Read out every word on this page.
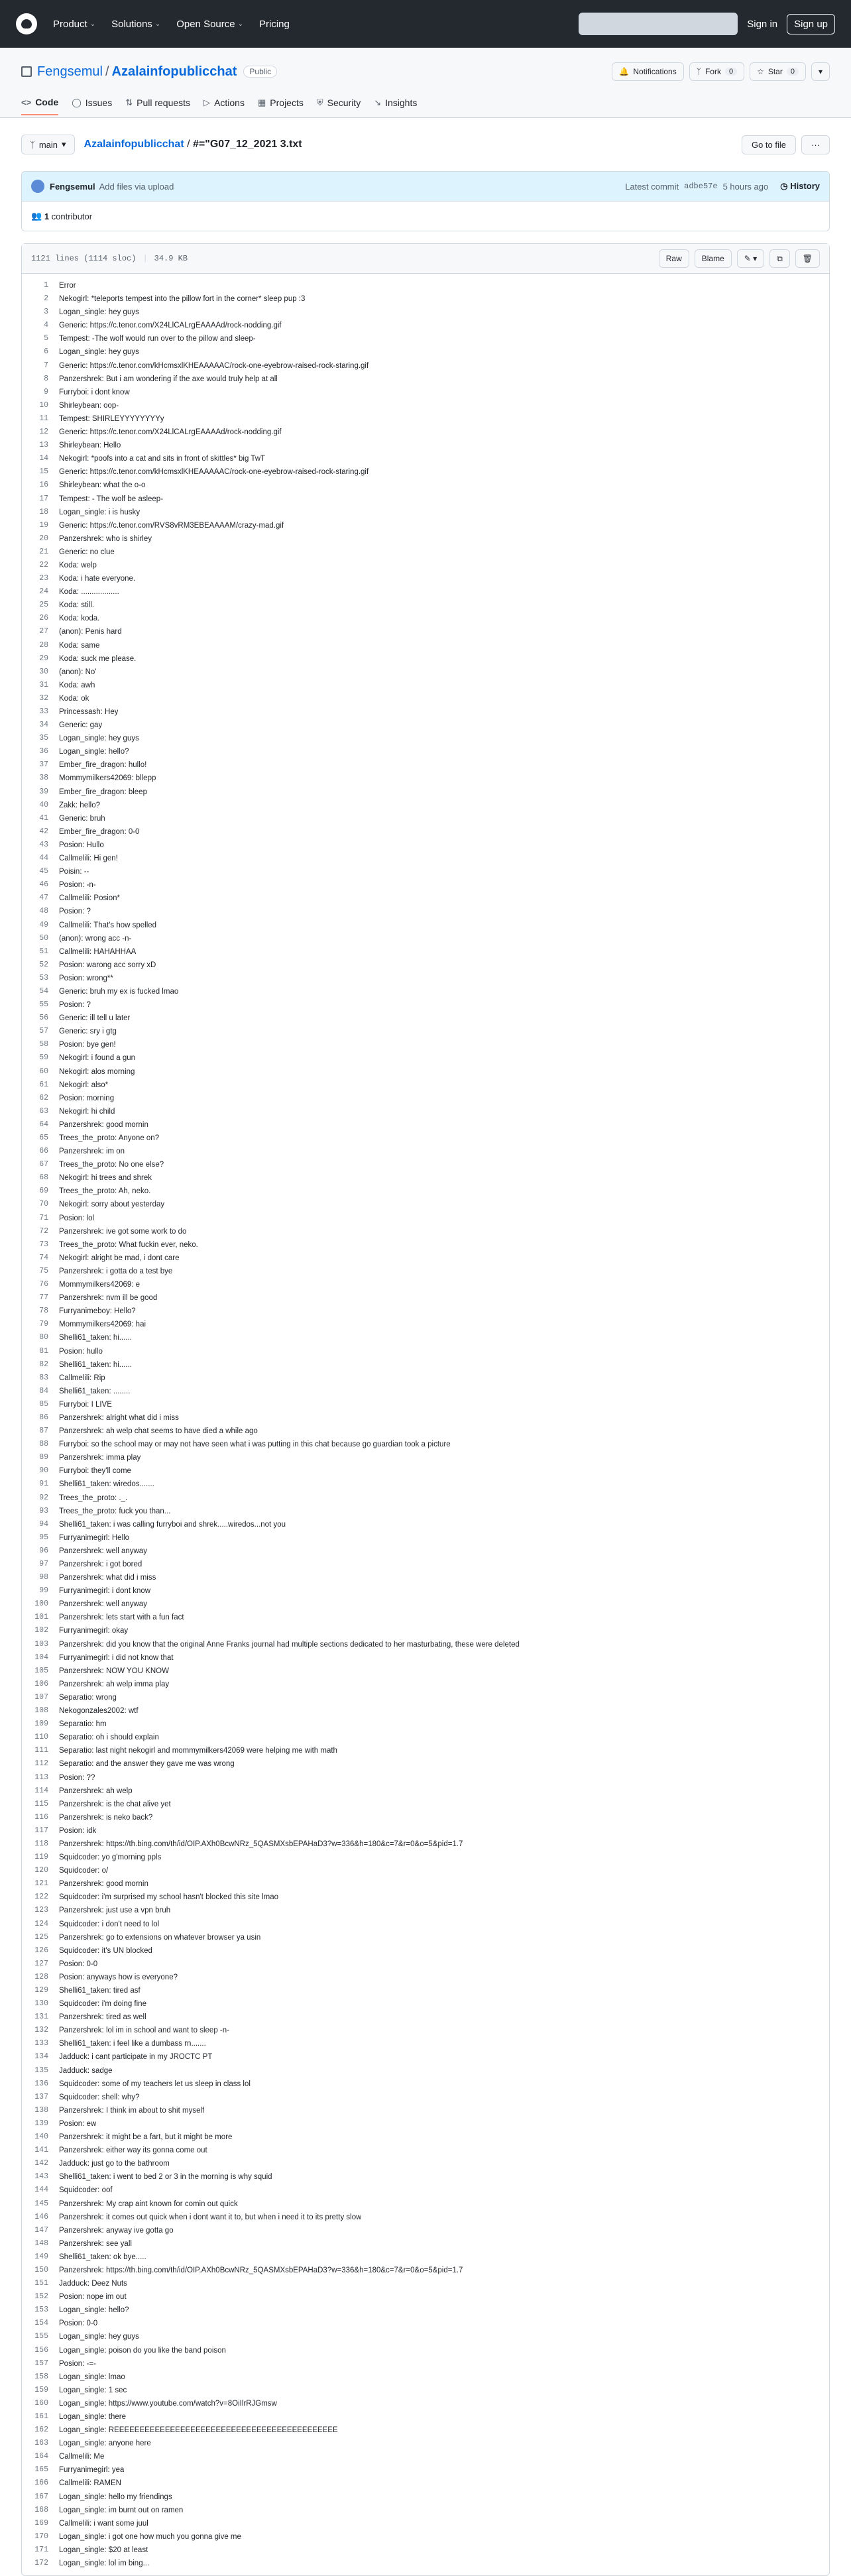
Product ⌄ Solutions ⌄ Open Source ⌄ Pricing	Sign in	Sign up
Fengsemul / Azalainfopublicchat	Public	🔔 Notifications	ᛉ Fork	0	☆ Star	0	▾
<> Code ◯ Issues ⇅ Pull requests ▷ Actions ▦ Projects ⛨ Security ↘ Insights
ᛉ main ▾ Azalainfopublicchat / #="G07_12_2021 3.txt	Go to file	···
Fengsemul Add files via upload	Latest commit adbe57e 5 hours ago ◷ History
👥
1
contributor
1121 lines (1114 sloc) | 34.9 KB	Raw	Blame	✎ ▾	⧉	🗑
1	Error
2	Nekogirl: *teleports tempest into the pillow fort in the corner* sleep pup :3
3	Logan_single: hey guys
4	Generic: https://c.tenor.com/X24LlCALrgEAAAAd/rock-nodding.gif
5	Tempest: -The wolf would run over to the pillow and sleep-
6	Logan_single: hey guys
7	Generic: https://c.tenor.com/kHcmsxlKHEAAAAAC/rock-one-eyebrow-raised-rock-staring.gif
8	Panzershrek: But i am wondering if the axe would truly help at all
9	Furryboi: i dont know
10	Shirleybean: oop-
11	Tempest: SHIRLEYYYYYYYYy
12	Generic: https://c.tenor.com/X24LlCALrgEAAAAd/rock-nodding.gif
13	Shirleybean: Hello
14	Nekogirl: *poofs into a cat and sits in front of skittles* big TwT
15	Generic: https://c.tenor.com/kHcmsxlKHEAAAAAC/rock-one-eyebrow-raised-rock-staring.gif
16	Shirleybean: what the o-o
17	Tempest: - The wolf be asleep-
18	Logan_single: i is husky
19	Generic: https://c.tenor.com/RVS8vRM3EBEAAAAM/crazy-mad.gif
20	Panzershrek: who is shirley
21	Generic: no clue
22	Koda: welp
23	Koda: i hate everyone.
24	Koda: ..................
25	Koda: still.
26	Koda: koda.
27	(anon): Penis hard
28	Koda: same
29	Koda: suck me please.
30	(anon): No'
31	Koda: awh
32	Koda: ok
33	Princessash: Hey
34	Generic: gay
35	Logan_single: hey guys
36	Logan_single: hello?
37	Ember_fire_dragon: hullo!
38	Mommymilkers42069: bllepp
39	Ember_fire_dragon: bleep
40	Zakk: hello?
41	Generic: bruh
42	Ember_fire_dragon: 0-0
43	Posion: Hullo
44	Callmelili: Hi gen!
45	Poisin: --
46	Posion: -n-
47	Callmelili: Posion*
48	Posion: ?
49	Callmelili: That's how spelled
50	(anon): wrong acc -n-
51	Callmelili: HAHAHHAA
52	Posion: warong acc sorry xD
53	Posion: wrong**
54	Generic: bruh my ex is fucked lmao
55	Posion: ?
56	Generic: ill tell u later
57	Generic: sry i gtg
58	Posion: bye gen!
59	Nekogirl: i found a gun
60	Nekogirl: alos morning
61	Nekogirl: also*
62	Posion: morning
63	Nekogirl: hi child
64	Panzershrek: good mornin
65	Trees_the_proto: Anyone on?
66	Panzershrek: im on
67	Trees_the_proto: No one else?
68	Nekogirl: hi trees and shrek
69	Trees_the_proto: Ah, neko.
70	Nekogirl: sorry about yesterday
71	Posion: lol
72	Panzershrek: ive got some work to do
73	Trees_the_proto: What fuckin ever, neko.
74	Nekogirl: alright be mad, i dont care
75	Panzershrek: i gotta do a test bye
76	Mommymilkers42069: e
77	Panzershrek: nvm ill be good
78	Furryanimeboy: Hello?
79	Mommymilkers42069: hai
80	Shelli61_taken: hi......
81	Posion: hullo
82	Shelli61_taken: hi......
83	Callmelili: Rip
84	Shelli61_taken: ........
85	Furryboi: I LIVE
86	Panzershrek: alright what did i miss
87	Panzershrek: ah welp chat seems to have died a while ago
88	Furryboi: so the school may or may not have seen what i was putting in this chat because go guardian took a picture
89	Panzershrek: imma play
90	Furryboi: they'll come
91	Shelli61_taken: wiredos.......
92	Trees_the_proto: ._.
93	Trees_the_proto: fuck you than...
94	Shelli61_taken: i was calling furryboi and shrek.....wiredos...not you
95	Furryanimegirl: Hello
96	Panzershrek: well anyway
97	Panzershrek: i got bored
98	Panzershrek: what did i miss
99	Furryanimegirl: i dont know
100	Panzershrek: well anyway
101	Panzershrek: lets start with a fun fact
102	Furryanimegirl: okay
103	Panzershrek: did you know that the original Anne Franks journal had multiple sections dedicated to her masturbating, these were deleted
104	Furryanimegirl: i did not know that
105	Panzershrek: NOW YOU KNOW
106	Panzershrek: ah welp imma play
107	Separatio: wrong
108	Nekogonzales2002: wtf
109	Separatio: hm
110	Separatio: oh i should explain
111	Separatio: last night nekogirl and mommymilkers42069 were helping me with math
112	Separatio: and the answer they gave me was wrong
113	Posion: ??
114	Panzershrek: ah welp
115	Panzershrek: is the chat alive yet
116	Panzershrek: is neko back?
117	Posion: idk
118	Panzershrek: https://th.bing.com/th/id/OIP.AXh0BcwNRz_5QASMXsbEPAHaD3?w=336&h=180&c=7&r=0&o=5&pid=1.7
119	Squidcoder: yo g'morning ppls
120	Squidcoder: o/
121	Panzershrek: good mornin
122	Squidcoder: i'm surprised my school hasn't blocked this site lmao
123	Panzershrek: just use a vpn bruh
124	Squidcoder: i don't need to lol
125	Panzershrek: go to extensions on whatever browser ya usin
126	Squidcoder: it's UN blocked
127	Posion: 0-0
128	Posion: anyways how is everyone?
129	Shelli61_taken: tired asf
130	Squidcoder: i'm doing fine
131	Panzershrek: tired as well
132	Panzershrek: lol im in school and want to sleep -n-
133	Shelli61_taken: i feel like a dumbass rn.......
134	Jadduck: i cant participate in my JROCTC PT
135	Jadduck: sadge
136	Squidcoder: some of my teachers let us sleep in class lol
137	Squidcoder: shell: why?
138	Panzershrek: I think im about to shit myself
139	Posion: ew
140	Panzershrek: it might be a fart, but it might be more
141	Panzershrek: either way its gonna come out
142	Jadduck: just go to the bathroom
143	Shelli61_taken: i went to bed 2 or 3 in the morning is why squid
144	Squidcoder: oof
145	Panzershrek: My crap aint known for comin out quick
146	Panzershrek: it comes out quick when i dont want it to, but when i need it to its pretty slow
147	Panzershrek: anyway ive gotta go
148	Panzershrek: see yall
149	Shelli61_taken: ok bye.....
150	Panzershrek: https://th.bing.com/th/id/OIP.AXh0BcwNRz_5QASMXsbEPAHaD3?w=336&h=180&c=7&r=0&o=5&pid=1.7
151	Jadduck: Deez Nuts
152	Posion: nope im out
153	Logan_single: hello?
154	Posion: 0-0
155	Logan_single: hey guys
156	Logan_single: poison do you like the band poison
157	Posion: -=-
158	Logan_single: lmao
159	Logan_single: 1 sec
160	Logan_single: https://www.youtube.com/watch?v=8OiIlrRJGmsw
161	Logan_single: there
162	Logan_single: REEEEEEEEEEEEEEEEEEEEEEEEEEEEEEEEEEEEEEEEEEEE
163	Logan_single: anyone here
164	Callmelili: Me
165	Furryanimegirl: yea
166	Callmelili: RAMEN
167	Logan_single: hello my friendings
168	Logan_single: im burnt out on ramen
169	Callmelili: i want some juul
170	Logan_single: i got one how much you gonna give me
171	Logan_single: $20 at least
172	Logan_single: lol im bing...
